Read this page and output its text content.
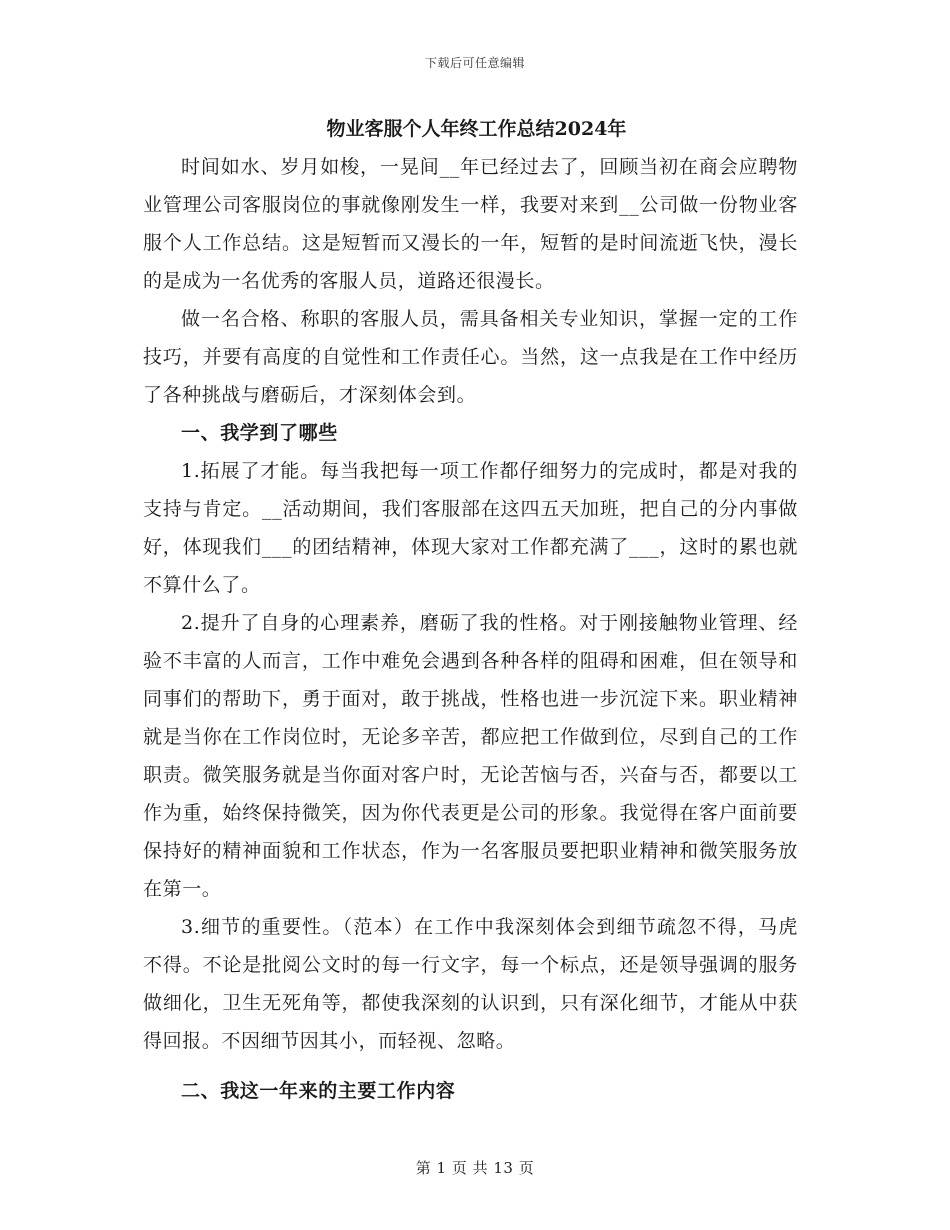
下载后可任意编辑
物业客服个人年终工作总结2024年

时间如水、岁月如梭，一晃间__年已经过去了，回顾当初在商会应聘物业管理公司客服岗位的事就像刚发生一样，我要对来到__公司做一份物业客服个人工作总结。这是短暂而又漫长的一年，短暂的是时间流逝飞快，漫长的是成为一名优秀的客服人员，道路还很漫长。

做一名合格、称职的客服人员，需具备相关专业知识，掌握一定的工作技巧，并要有高度的自觉性和工作责任心。当然，这一点我是在工作中经历了各种挑战与磨砺后，才深刻体会到。

一、我学到了哪些

1.拓展了才能。每当我把每一项工作都仔细努力的完成时，都是对我的支持与肯定。__活动期间，我们客服部在这四五天加班，把自己的分内事做好，体现我们___的团结精神，体现大家对工作都充满了___，这时的累也就不算什么了。

2.提升了自身的心理素养，磨砺了我的性格。对于刚接触物业管理、经验不丰富的人而言，工作中难免会遇到各种各样的阻碍和困难，但在领导和同事们的帮助下，勇于面对，敢于挑战，性格也进一步沉淀下来。职业精神就是当你在工作岗位时，无论多辛苦，都应把工作做到位，尽到自己的工作职责。微笑服务就是当你面对客户时，无论苦恼与否，兴奋与否，都要以工作为重，始终保持微笑，因为你代表更是公司的形象。我觉得在客户面前要保持好的精神面貌和工作状态，作为一名客服员要把职业精神和微笑服务放在第一。

3.细节的重要性。（范本）在工作中我深刻体会到细节疏忽不得，马虎不得。不论是批阅公文时的每一行文字，每一个标点，还是领导强调的服务做细化，卫生无死角等，都使我深刻的认识到，只有深化细节，才能从中获得回报。不因细节因其小，而轻视、忽略。

二、我这一年来的主要工作内容
第 1 页 共 13 页
